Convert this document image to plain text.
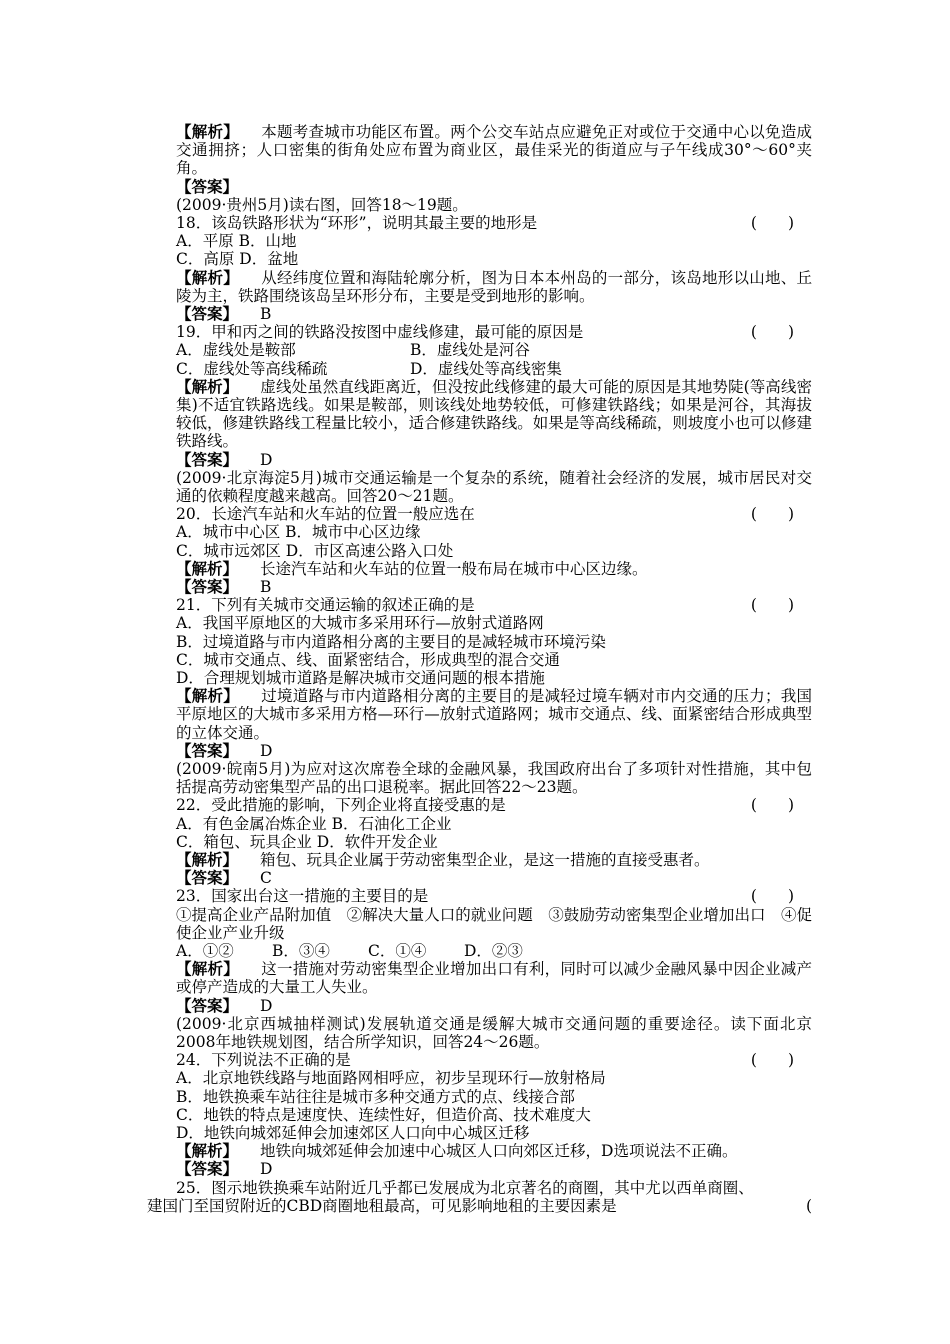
【解析】 本题考查城市功能区布置。两个公交车站点应避免正对或位于交通中心以免造成交通拥挤；人口密集的街角处应布置为商业区，最佳采光的街道应与子午线成30°～60°夹角。
【答案】
(2009·贵州5月)读右图，回答18～19题。
18．该岛铁路形状为“环形”，说明其最主要的地形是	(　　)
A．平原 B．山地
C．高原 D．盆地
【解析】 从经纬度位置和海陆轮廓分析，图为日本本州岛的一部分，该岛地形以山地、丘陵为主，铁路围绕该岛呈环形分布，主要是受到地形的影响。
【答案】 B
19．甲和丙之间的铁路没按图中虚线修建，最可能的原因是	(　　)
A．虚线处是鞍部	B．虚线处是河谷
C．虚线处等高线稀疏	D．虚线处等高线密集
【解析】 虚线处虽然直线距离近，但没按此线修建的最大可能的原因是其地势陡(等高线密集)不适宜铁路选线。如果是鞍部，则该线处地势较低，可修建铁路线；如果是河谷，其海拔较低，修建铁路线工程量比较小，适合修建铁路线。如果是等高线稀疏，则坡度小也可以修建铁路线。
【答案】 D
(2009·北京海淀5月)城市交通运输是一个复杂的系统，随着社会经济的发展，城市居民对交通的依赖程度越来越高。回答20～21题。
20．长途汽车站和火车站的位置一般应选在	(　　)
A．城市中心区 B．城市中心区边缘
C．城市远郊区 D．市区高速公路入口处
【解析】 长途汽车站和火车站的位置一般布局在城市中心区边缘。
【答案】 B
21．下列有关城市交通运输的叙述正确的是	(　　)
A．我国平原地区的大城市多采用环行—放射式道路网
B．过境道路与市内道路相分离的主要目的是减轻城市环境污染
C．城市交通点、线、面紧密结合，形成典型的混合交通
D．合理规划城市道路是解决城市交通问题的根本措施
【解析】 过境道路与市内道路相分离的主要目的是减轻过境车辆对市内交通的压力；我国平原地区的大城市多采用方格—环行—放射式道路网；城市交通点、线、面紧密结合形成典型的立体交通。
【答案】 D
(2009·皖南5月)为应对这次席卷全球的金融风暴，我国政府出台了多项针对性措施，其中包括提高劳动密集型产品的出口退税率。据此回答22～23题。
22．受此措施的影响，下列企业将直接受惠的是	(　　)
A．有色金属冶炼企业 B．石油化工企业
C．箱包、玩具企业 D．软件开发企业
【解析】 箱包、玩具企业属于劳动密集型企业，是这一措施的直接受惠者。
【答案】 C
23．国家出台这一措施的主要目的是	(　　)
①提高企业产品附加值　②解决大量人口的就业问题　③鼓励劳动密集型企业增加出口　④促使企业产业升级
A．①② B．③④ C．①④ D．②③
【解析】 这一措施对劳动密集型企业增加出口有利，同时可以减少金融风暴中因企业减产或停产造成的大量工人失业。
【答案】 D
(2009·北京西城抽样测试)发展轨道交通是缓解大城市交通问题的重要途径。读下面北京2008年地铁规划图，结合所学知识，回答24～26题。
24．下列说法不正确的是	(　　)
A．北京地铁线路与地面路网相呼应，初步呈现环行—放射格局
B．地铁换乘车站往往是城市多种交通方式的点、线接合部
C．地铁的特点是速度快、连续性好，但造价高、技术难度大
D．地铁向城郊延伸会加速郊区人口向中心城区迁移
【解析】 地铁向城郊延伸会加速中心城区人口向郊区迁移，D选项说法不正确。
【答案】 D
25．图示地铁换乘车站附近几乎都已发展成为北京著名的商圈，其中尤以西单商圈、
建国门至国贸附近的CBD商圈地租最高，可见影响地租的主要因素是	(
